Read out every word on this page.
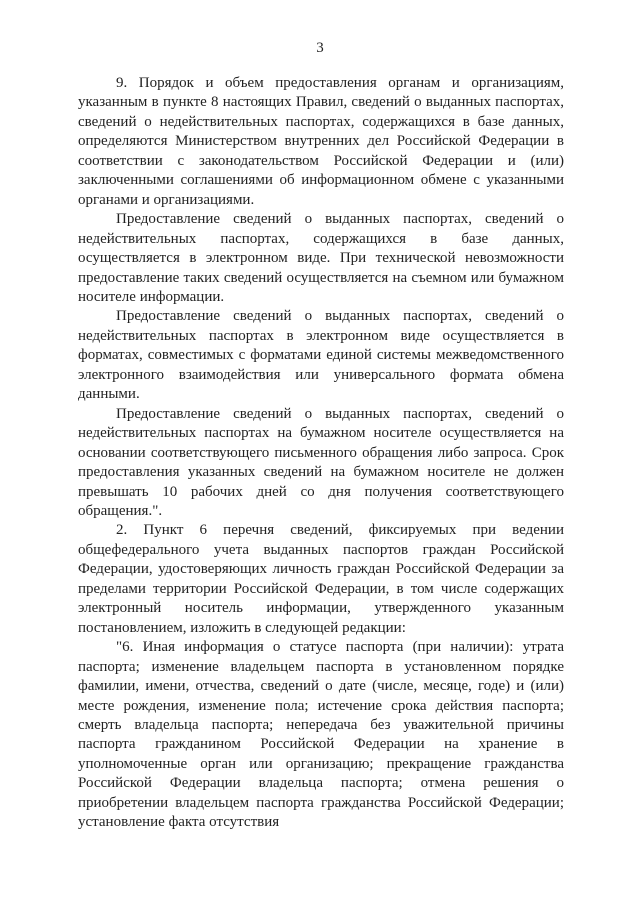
3

9. Порядок и объем предоставления органам и организациям, указанным в пункте 8 настоящих Правил, сведений о выданных паспортах, сведений о недействительных паспортах, содержащихся в базе данных, определяются Министерством внутренних дел Российской Федерации в соответствии с законодательством Российской Федерации и (или) заключенными соглашениями об информационном обмене с указанными органами и организациями.

Предоставление сведений о выданных паспортах, сведений о недействительных паспортах, содержащихся в базе данных, осуществляется в электронном виде. При технической невозможности предоставление таких сведений осуществляется на съемном или бумажном носителе информации.

Предоставление сведений о выданных паспортах, сведений о недействительных паспортах в электронном виде осуществляется в форматах, совместимых с форматами единой системы межведомственного электронного взаимодействия или универсального формата обмена данными.

Предоставление сведений о выданных паспортах, сведений о недействительных паспортах на бумажном носителе осуществляется на основании соответствующего письменного обращения либо запроса. Срок предоставления указанных сведений на бумажном носителе не должен превышать 10 рабочих дней со дня получения соответствующего обращения.".

2. Пункт 6 перечня сведений, фиксируемых при ведении общефедерального учета выданных паспортов граждан Российской Федерации, удостоверяющих личность граждан Российской Федерации за пределами территории Российской Федерации, в том числе содержащих электронный носитель информации, утвержденного указанным постановлением, изложить в следующей редакции:

"6. Иная информация о статусе паспорта (при наличии): утрата паспорта; изменение владельцем паспорта в установленном порядке фамилии, имени, отчества, сведений о дате (числе, месяце, годе) и (или) месте рождения, изменение пола; истечение срока действия паспорта; смерть владельца паспорта; непередача без уважительной причины паспорта гражданином Российской Федерации на хранение в уполномоченные орган или организацию; прекращение гражданства Российской Федерации владельца паспорта; отмена решения о приобретении владельцем паспорта гражданства Российской Федерации; установление факта отсутствия
